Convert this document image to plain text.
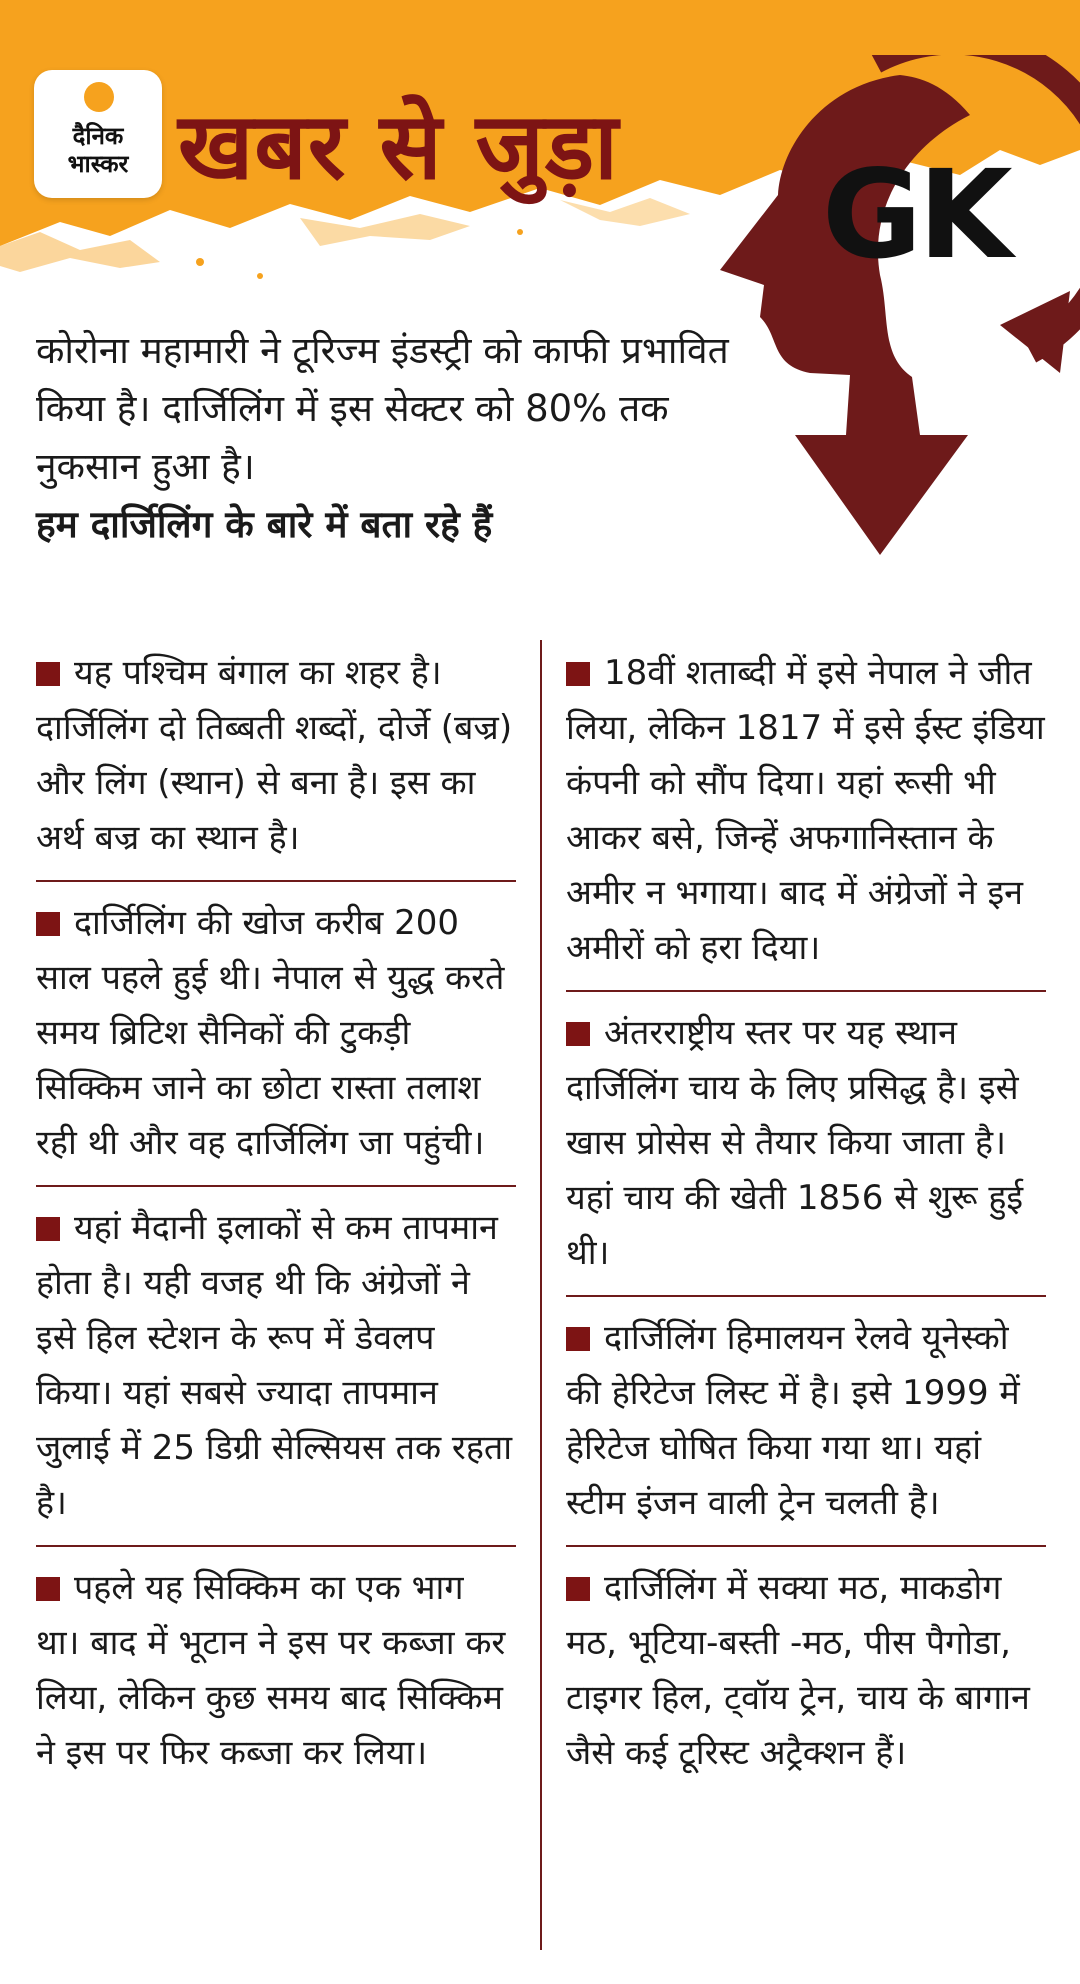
दैनिक
भास्कर खबर से जुड़ा GK

कोरोना महामारी ने टूरिज्म इंडस्ट्री को काफी प्रभावित किया है। दार्जिलिंग में इस सेक्टर को 80% तक नुकसान हुआ है।

हम दार्जिलिंग के बारे में बता रहे हैं

यह पश्चिम बंगाल का शहर है। दार्जिलिंग दो तिब्बती शब्दों, दोर्जे (बज्र) और लिंग (स्थान) से बना है। इस का अर्थ बज्र का स्थान है।
दार्जिलिंग की खोज करीब 200 साल पहले हुई थी। नेपाल से युद्ध करते समय ब्रिटिश सैनिकों की टुकड़ी सिक्किम जाने का छोटा रास्ता तलाश रही थी और वह दार्जिलिंग जा पहुंची।
यहां मैदानी इलाकों से कम तापमान होता है। यही वजह थी कि अंग्रेजों ने इसे हिल स्टेशन के रूप में डेवलप किया। यहां सबसे ज्यादा तापमान जुलाई में 25 डिग्री सेल्सियस तक रहता है।
पहले यह सिक्किम का एक भाग था। बाद में भूटान ने इस पर कब्जा कर लिया, लेकिन कुछ समय बाद सिक्किम ने इस पर फिर कब्जा कर लिया।
18वीं शताब्दी में इसे नेपाल ने जीत लिया, लेकिन 1817 में इसे ईस्ट इंडिया कंपनी को सौंप दिया। यहां रूसी भी आकर बसे, जिन्हें अफगानिस्तान के अमीर न भगाया। बाद में अंग्रेजों ने इन अमीरों को हरा दिया।
अंतरराष्ट्रीय स्तर पर यह स्थान दार्जिलिंग चाय के लिए प्रसिद्ध है। इसे खास प्रोसेस से तैयार किया जाता है। यहां चाय की खेती 1856 से शुरू हुई थी।
दार्जिलिंग हिमालयन रेलवे यूनेस्को की हेरिटेज लिस्ट में है। इसे 1999 में हेरिटेज घोषित किया गया था। यहां स्टीम इंजन वाली ट्रेन चलती है।
दार्जिलिंग में सक्या मठ, माकडोग मठ, भूटिया-बस्ती -मठ, पीस पैगोडा, टाइगर हिल, ट्वॉय ट्रेन, चाय के बागान जैसे कई टूरिस्ट अट्रैक्शन हैं।
